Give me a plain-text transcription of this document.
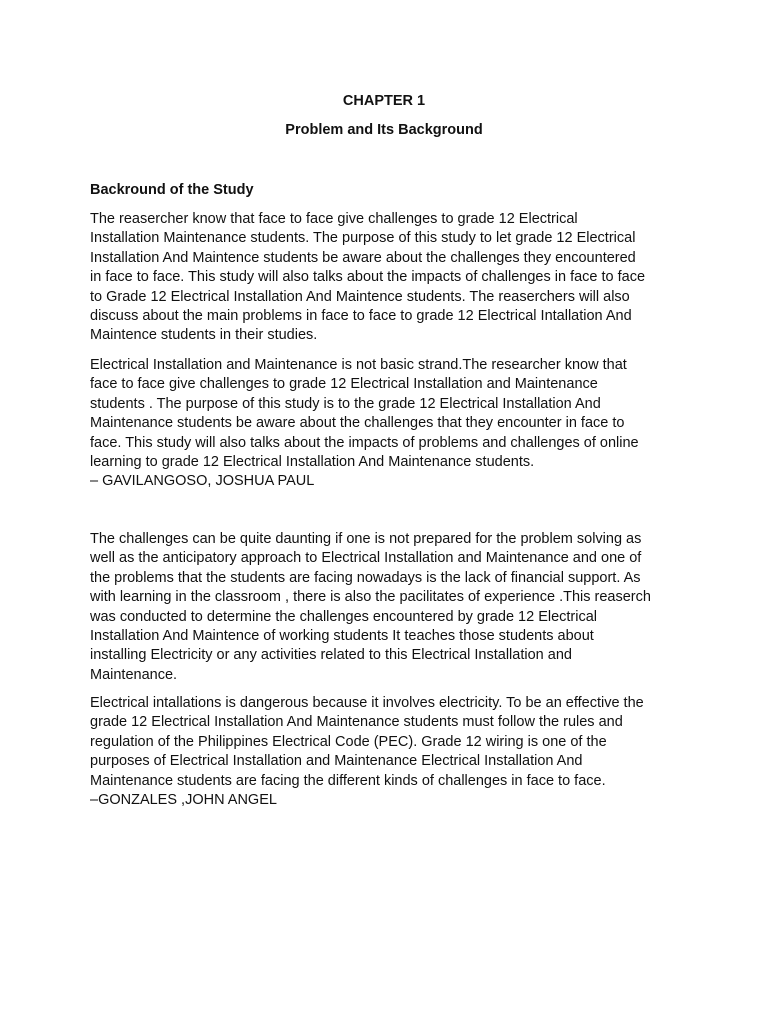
CHAPTER 1
Problem and Its Background
Backround of the Study
The reasercher know that face to face give challenges to grade 12 Electrical
Installation Maintenance students. The purpose of this study to let grade 12 Electrical
Installation And Maintence students be aware about the challenges they encountered
in face to face. This study will also talks about the impacts of challenges in face to face
to Grade 12 Electrical Installation And Maintence students. The reaserchers will also
discuss about the main problems in face to face to grade 12 Electrical Intallation And
Maintence students in their studies.
Electrical Installation and Maintenance is not basic strand.The researcher know that
face to face give challenges to grade 12 Electrical Installation and Maintenance
students . The purpose of this study is to the grade 12 Electrical Installation And
Maintenance students be aware about the challenges that they encounter in face to
face. This study will also talks about the impacts of problems and challenges of online
learning to grade 12 Electrical Installation And Maintenance students.
– GAVILANGOSO, JOSHUA PAUL
The challenges can be quite daunting if one is not prepared for the problem solving as
well as the anticipatory approach to Electrical Installation and Maintenance and one of
the problems that the students are facing nowadays is the lack of financial support. As
with learning in the classroom , there is also the pacilitates of experience .This reaserch
was conducted to determine the challenges encountered by grade 12 Electrical
Installation And Maintence of working students It teaches those students about
installing Electricity or any activities related to this Electrical Installation and
Maintenance.
Electrical intallations is dangerous because it involves electricity. To be an effective the
grade 12 Electrical Installation And Maintenance students must follow the rules and
regulation of the Philippines Electrical Code (PEC). Grade 12 wiring is one of the
purposes of Electrical Installation and Maintenance Electrical Installation And
Maintenance students are facing the different kinds of challenges in face to face.
–GONZALES ,JOHN ANGEL
